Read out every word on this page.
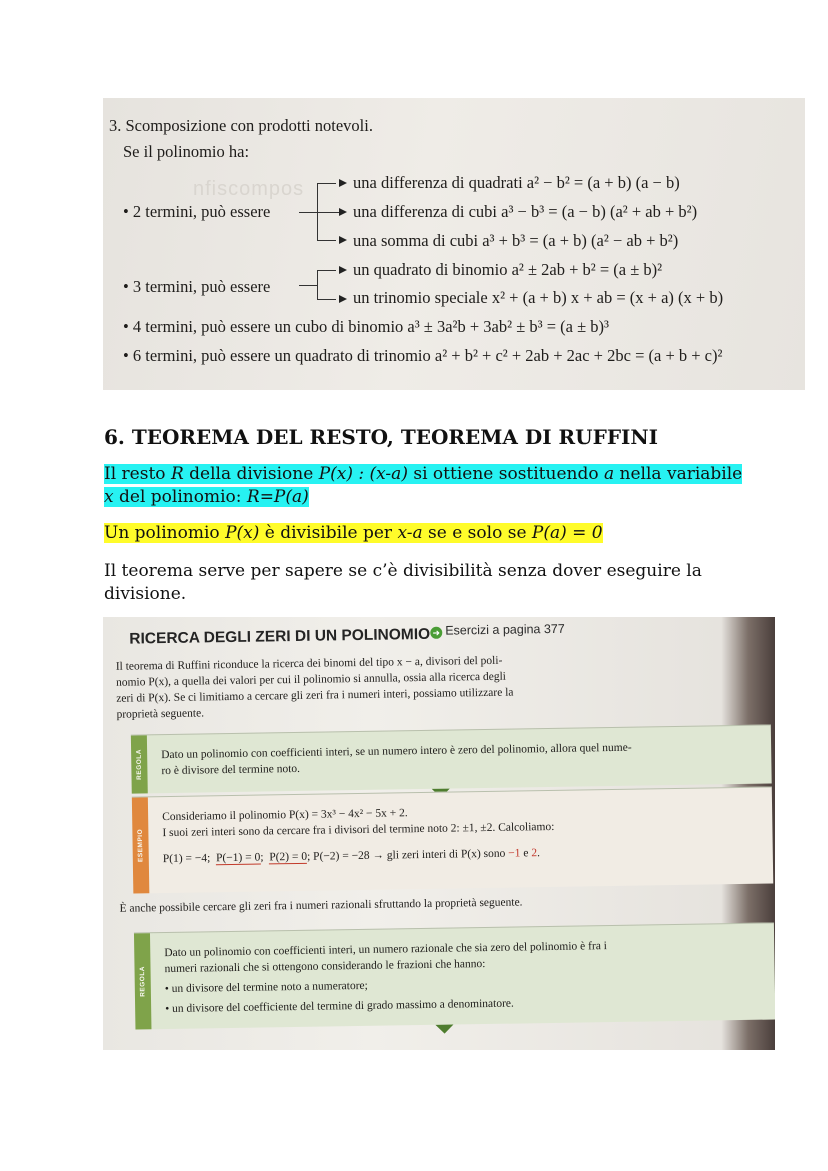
nfiscompos
3. Scomposizione con prodotti notevoli.
Se il polinomio ha:
• 2 termini, può essere
• 3 termini, può essere
una differenza di quadrati a² − b² = (a + b) (a − b)
una differenza di cubi a³ − b³ = (a − b) (a² + ab + b²)
una somma di cubi a³ + b³ = (a + b) (a² − ab + b²)
un quadrato di binomio a² ± 2ab + b² = (a ± b)²
un trinomio speciale x² + (a + b) x + ab = (x + a) (x + b)
• 4 termini, può essere un cubo di binomio a³ ± 3a²b + 3ab² ± b³ = (a ± b)³
• 6 termini, può essere un quadrato di trinomio a² + b² + c² + 2ab + 2ac + 2bc = (a + b + c)²
6. TEOREMA DEL RESTO, TEOREMA DI RUFFINI
Il resto R della divisione P(x) : (x-a) si ottiene sostituendo a nella variabile
x del polinomio: R=P(a)
Un polinomio P(x) è divisibile per x-a se e solo se P(a) = 0
Il teorema serve per sapere se c’è divisibilità senza dover eseguire la
divisione.
RICERCA DEGLI ZERI DI UN POLINOMIO ➜ Esercizi a pagina 377
Il teorema di Ruffini riconduce la ricerca dei binomi del tipo x − a, divisori del poli-
nomio P(x), a quella dei valori per cui il polinomio si annulla, ossia alla ricerca degli
zeri di P(x). Se ci limitiamo a cercare gli zeri fra i numeri interi, possiamo utilizzare la
proprietà seguente.
REGOLA Dato un polinomio con coefficienti interi, se un numero intero è zero del polinomio, allora quel nume-
ro è divisore del termine noto.
ESEMPIO
Consideriamo il polinomio P(x) = 3x³ − 4x² − 5x + 2.
I suoi zeri interi sono da cercare fra i divisori del termine noto 2: ±1, ±2. Calcoliamo:
P(1) = −4; P(−1) = 0; P(2) = 0; P(−2) = −28 → gli zeri interi di P(x) sono −1 e 2.
È anche possibile cercare gli zeri fra i numeri razionali sfruttando la proprietà seguente.
REGOLA
Dato un polinomio con coefficienti interi, un numero razionale che sia zero del polinomio è fra i
numeri razionali che si ottengono considerando le frazioni che hanno:
• un divisore del termine noto a numeratore;
• un divisore del coefficiente del termine di grado massimo a denominatore.
